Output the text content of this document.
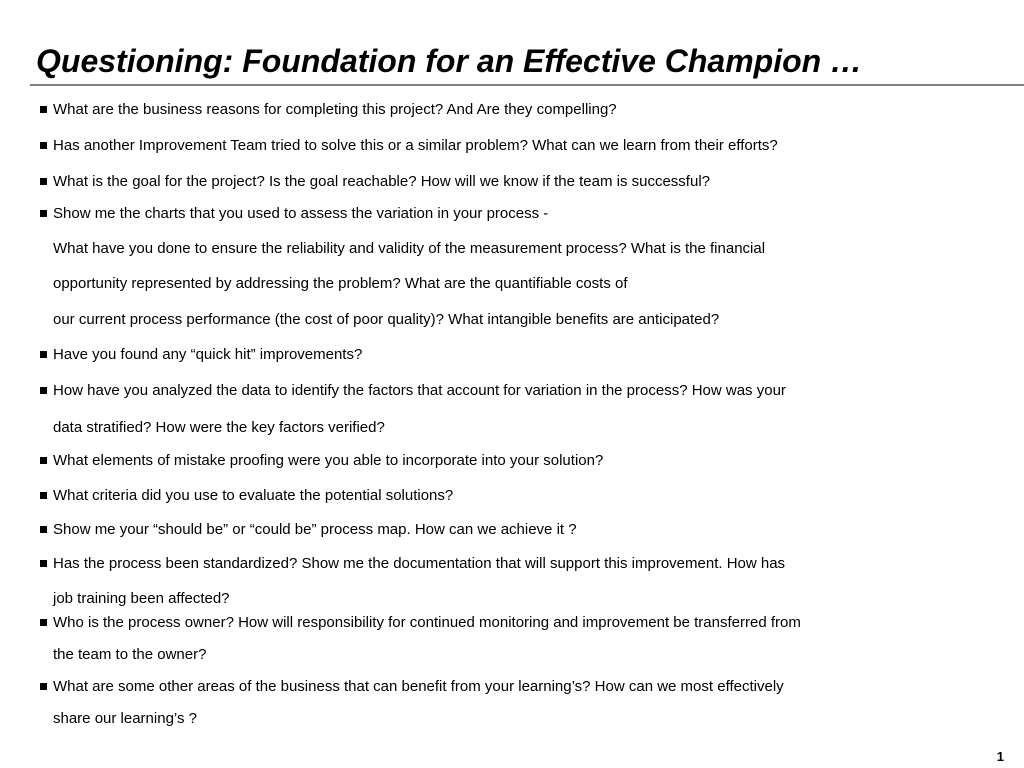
Questioning: Foundation for an Effective Champion …
What are the business reasons for completing this project? And Are they compelling?
Has another Improvement Team tried to solve this or a similar problem? What can we learn from their efforts?
What is the goal for the project? Is the goal reachable? How will we know if the team is successful?
Show me the charts that you used to assess the variation in your process -
What have you done to ensure the reliability and validity of the measurement process? What is the financial
opportunity represented by addressing the problem? What are the quantifiable costs of
our current process performance (the cost of poor quality)? What intangible benefits are anticipated?
Have you found any “quick hit” improvements?
How have you analyzed the data to identify the factors that account for variation in the process? How was your
data stratified? How were the key factors verified?
What elements of mistake proofing were you able to incorporate into your solution?
What criteria did you use to evaluate the potential solutions?
Show me your “should be” or “could be” process map. How can we achieve it ?
Has the process been standardized? Show me the documentation that will support this improvement. How has
job training been affected?
Who is the process owner? How will responsibility for continued monitoring and improvement be transferred from
the team to the owner?
What are some other areas of the business that can benefit from your learning’s? How can we most effectively
share our learning’s ?
1
